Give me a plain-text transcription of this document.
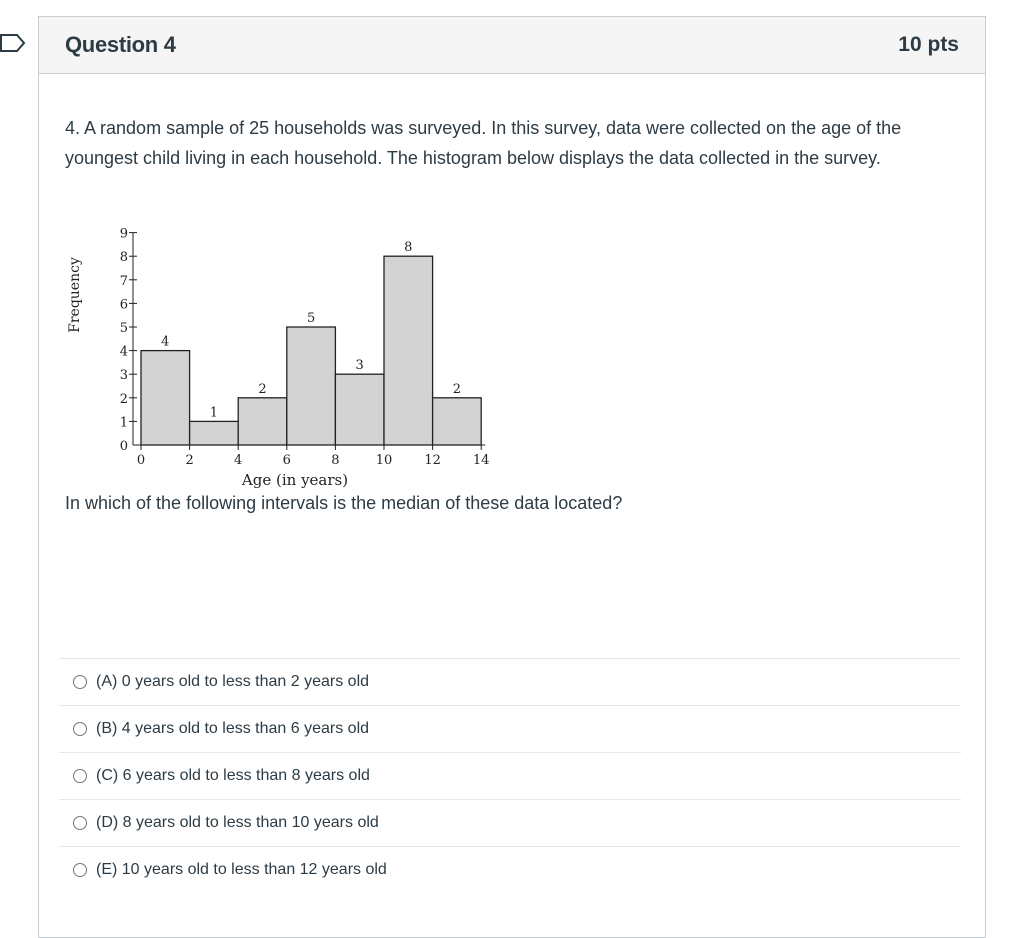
Question 4	10 pts

4. A random sample of 25 households was surveyed. In this survey, data were collected on the age of the youngest child living in each household. The histogram below displays the data collected in the survey.

Frequency
Age (in years)
0
1
2
3
4
5
6
7
8
9
4
1
2
5
3
8
2
0	2	4	6	8	10 12 14

In which of the following intervals is the median of these data located?

(A) 0 years old to less than 2 years old
(B) 4 years old to less than 6 years old
(C) 6 years old to less than 8 years old
(D) 8 years old to less than 10 years old
(E) 10 years old to less than 12 years old
